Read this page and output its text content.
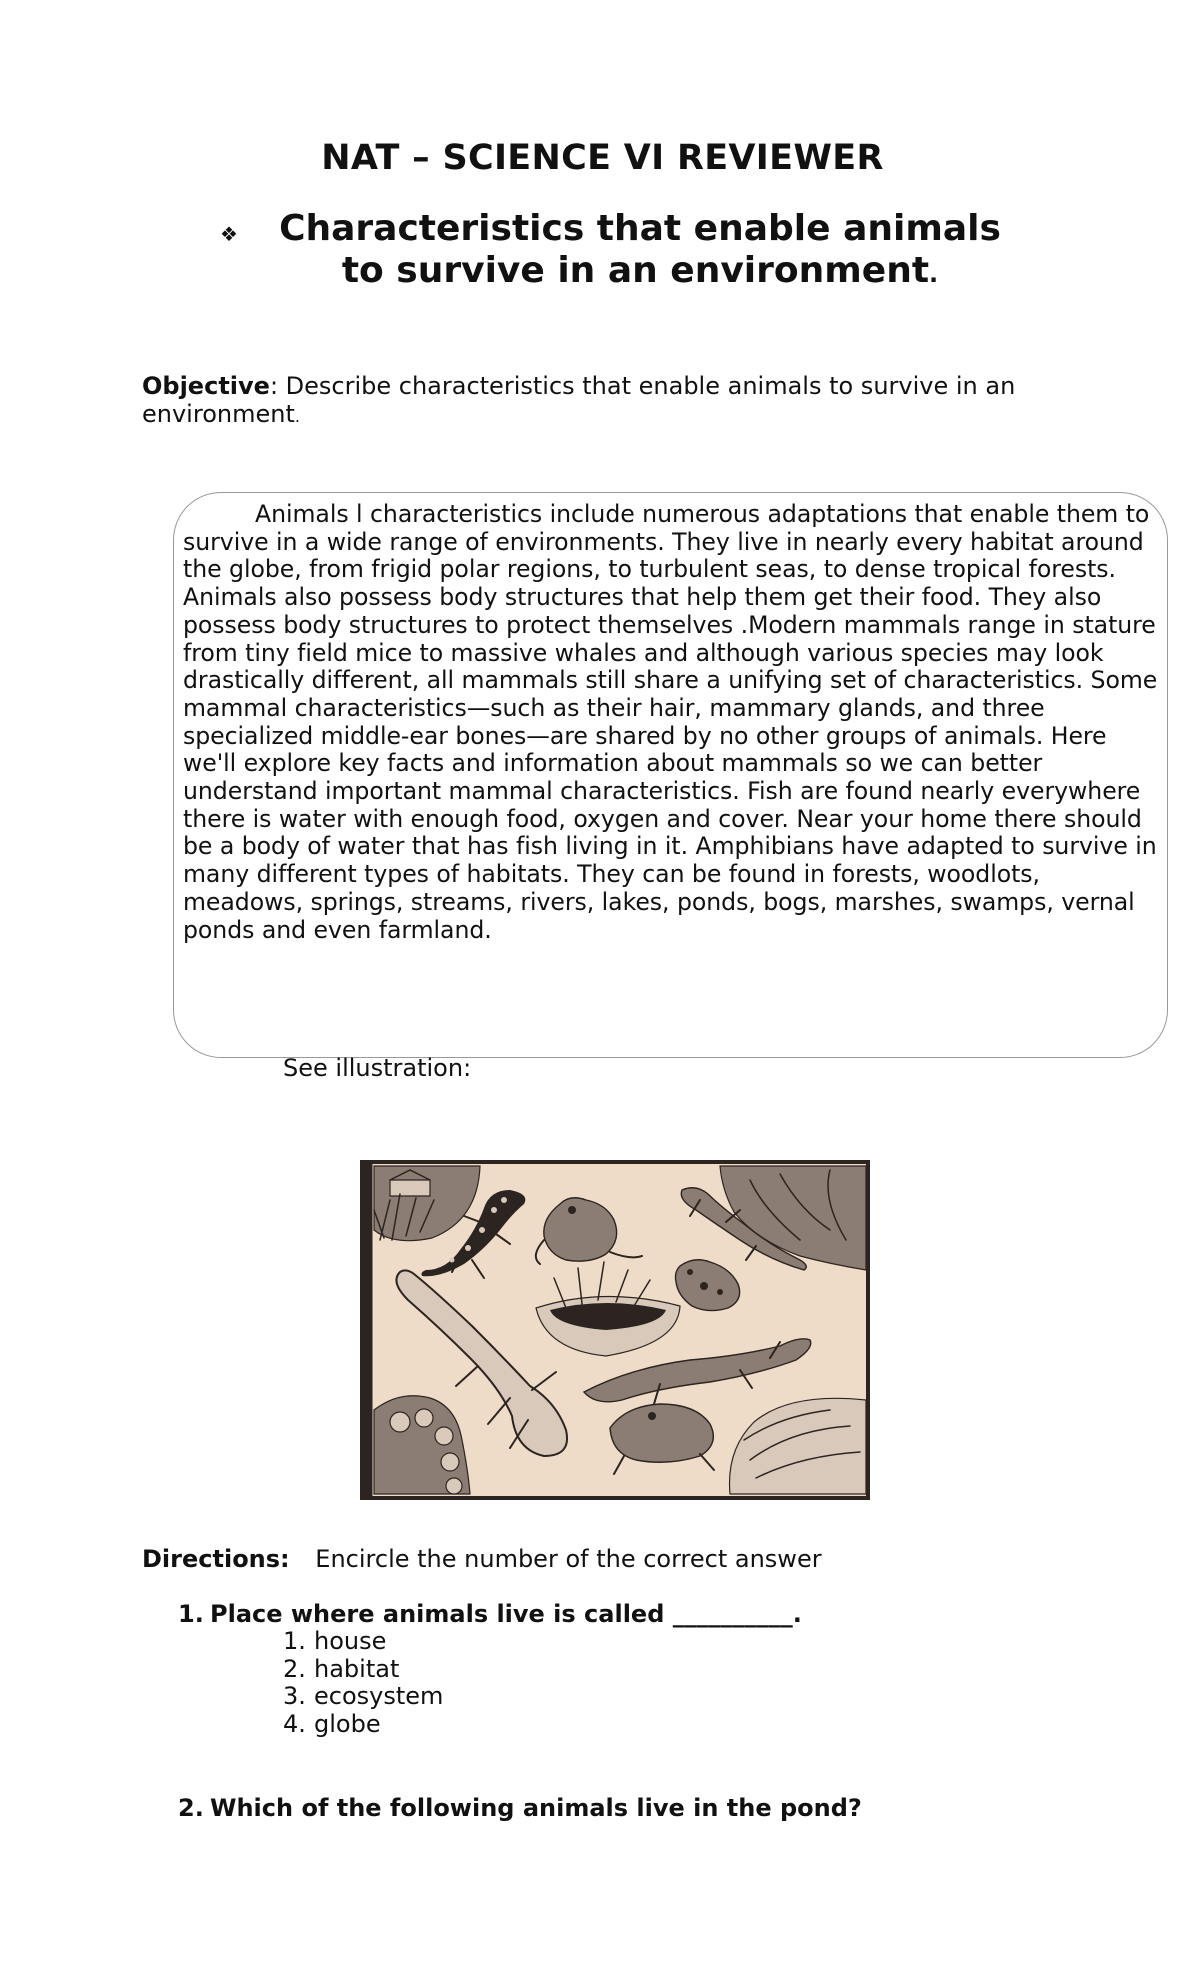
NAT – SCIENCE VI REVIEWER
❖	Characteristics that enable animals to survive in an environment.
Objective: Describe characteristics that enable animals to survive in an environment.
Animals l characteristics include numerous adaptations that enable them to survive in a wide range of environments. They live in nearly every habitat around the globe, from frigid polar regions, to turbulent seas, to dense tropical forests. Animals also possess body structures that help them get their food. They also possess body structures to protect themselves .Modern mammals range in stature from tiny field mice to massive whales and although various species may look drastically different, all mammals still share a unifying set of characteristics. Some mammal characteristics—such as their hair, mammary glands, and three specialized middle-ear bones—are shared by no other groups of animals. Here we'll explore key facts and information about mammals so we can better understand important mammal characteristics. Fish are found nearly everywhere there is water with enough food, oxygen and cover. Near your home there should be a body of water that has fish living in it. Amphibians have adapted to survive in many different types of habitats. They can be found in forests, woodlots, meadows, springs, streams, rivers, lakes, ponds, bogs, marshes, swamps, vernal ponds and even farmland.
See illustration:
Directions: Encircle the number of the correct answer
1. Place where animals live is called __________.
1. house
2. habitat
3. ecosystem
4. globe
2. Which of the following animals live in the pond?
